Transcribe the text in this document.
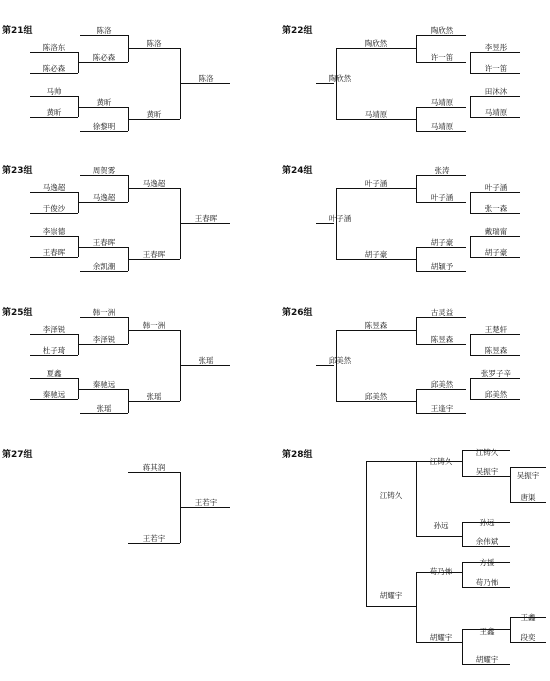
第21组
陈洛东
陈必森
马帅
黄昕
陈洛
陈必森
黄昕
徐黎明
陈洛
黄昕
陈洛
第23组
马逸超
于俊沙
李崇德
王春晖
周贺雾
马逸超
王春晖
余凯潮
马逸超
王春晖
王春晖
第25组
李泽锐
杜子琦
夏鑫
秦驰远
韩一洲
李泽锐
秦驰远
张瑶
韩一洲
张瑶
张瑶
第27组
蒋其润
王若宇
王若宇
第22组
陶欣然
陶欣然
马靖原
陶欣然
许一笛
马靖原
马靖原
李昱彤
许一笛
田沐沐
马靖原
第24组
叶子涵
叶子涵
胡子豪
张涛
叶子涵
胡子豪
胡颖予
叶子涵
张一森
戴瑞甯
胡子豪
第26组
邱美然
陈昱森
邱美然
古灵益
陈昱森
邱美然
王逢宇
王楚轩
陈昱森
张罗子辛
邱美然
第28组
江铸久
胡耀宇
江铸久
孙远
江铸久
吴振宇
孙远
余伟斌
吴振宇
唐渠
苟乃怖
胡耀宇
方援
苟乃怖
王鑫
胡耀宇
王鑫
段奕
